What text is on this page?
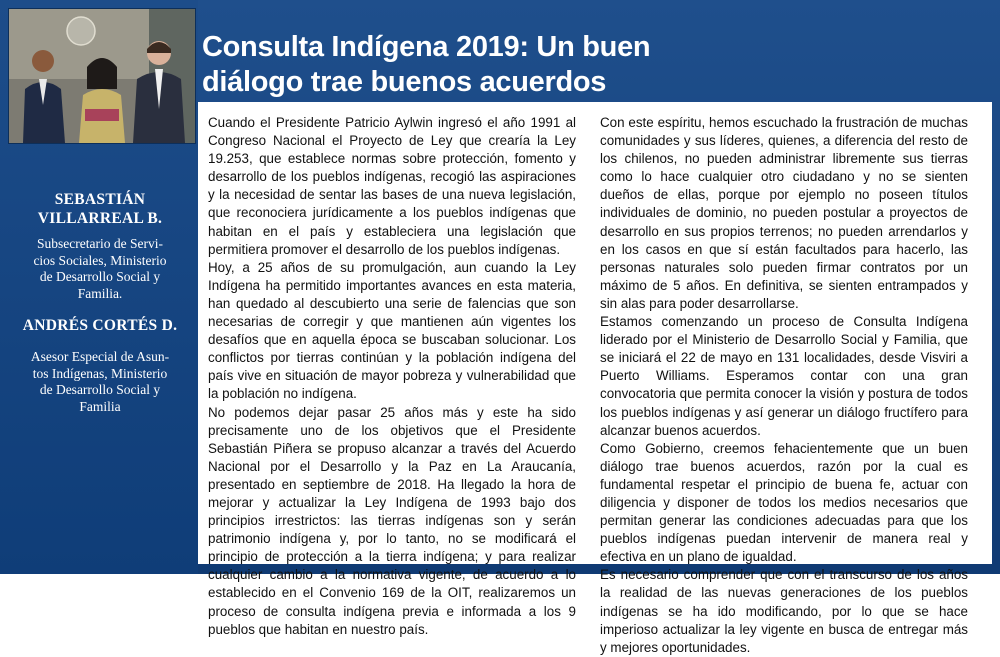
SEBASTIÁN
VILLARREAL B.
Subsecretario de Servi-
cios Sociales, Ministerio
de Desarrollo Social y
Familia.
ANDRÉS CORTÉS D.
Asesor Especial de Asun-
tos Indígenas, Ministerio
de Desarrollo Social y
Familia
Consulta Indígena 2019: Un buen
diálogo trae buenos acuerdos

Cuando el Presidente Patricio Aylwin ingresó el año 1991 al Congreso Nacional el Proyecto de Ley que crearía la Ley 19.253, que establece normas sobre protección, fomento y desarrollo de los pueblos indígenas, recogió las aspiraciones y la necesidad de sentar las bases de una nueva legislación, que reconociera jurídicamente a los pueblos indígenas que habitan en el país y estableciera una legislación que permitiera promover el desarrollo de los pueblos indígenas.

Hoy, a 25 años de su promulgación, aun cuando la Ley Indígena ha permitido importantes avances en esta materia, han quedado al descubierto una serie de falencias que son necesarias de corregir y que mantienen aún vigentes los desafíos que en aquella época se buscaban solucionar. Los conflictos por tierras continúan y la población indígena del país vive en situación de mayor pobreza y vulnerabilidad que la población no indígena.

No podemos dejar pasar 25 años más y este ha sido precisamente uno de los objetivos que el Presidente Sebastián Piñera se propuso alcanzar a través del Acuerdo Nacional por el Desarrollo y la Paz en La Araucanía, presentado en septiembre de 2018. Ha llegado la hora de mejorar y actualizar la Ley Indígena de 1993 bajo dos principios irrestrictos: las tierras indígenas son y serán patrimonio indígena y, por lo tanto, no se modificará el principio de protección a la tierra indígena; y para realizar cualquier cambio a la normativa vigente, de acuerdo a lo establecido en el Convenio 169 de la OIT, realizaremos un proceso de consulta indígena previa e informada a los 9 pueblos que habitan en nuestro país.

Con este espíritu, hemos escuchado la frustración de muchas comunidades y sus líderes, quienes, a diferencia del resto de los chilenos, no pueden administrar libremente sus tierras como lo hace cualquier otro ciudadano y no se sienten dueños de ellas, porque por ejemplo no poseen títulos individuales de dominio, no pueden postular a proyectos de desarrollo en sus propios terrenos; no pueden arrendarlos y en los casos en que sí están facultados para hacerlo, las personas naturales solo pueden firmar contratos por un máximo de 5 años. En definitiva, se sienten entrampados y sin alas para poder desarrollarse.

Estamos comenzando un proceso de Consulta Indígena liderado por el Ministerio de Desarrollo Social y Familia, que se iniciará el 22 de mayo en 131 localidades, desde Visviri a Puerto Williams. Esperamos contar con una gran convocatoria que permita conocer la visión y postura de todos los pueblos indígenas y así generar un diálogo fructífero para alcanzar buenos acuerdos.

Como Gobierno, creemos fehacientemente que un buen diálogo trae buenos acuerdos, razón por la cual es fundamental respetar el principio de buena fe, actuar con diligencia y disponer de todos los medios necesarios que permitan generar las condiciones adecuadas para que los pueblos indígenas puedan intervenir de manera real y efectiva en un plano de igualdad.

Es necesario comprender que con el transcurso de los años la realidad de las nuevas generaciones de los pueblos indígenas se ha ido modificando, por lo que se hace imperioso actualizar la ley vigente en busca de entregar más y mejores oportunidades.
